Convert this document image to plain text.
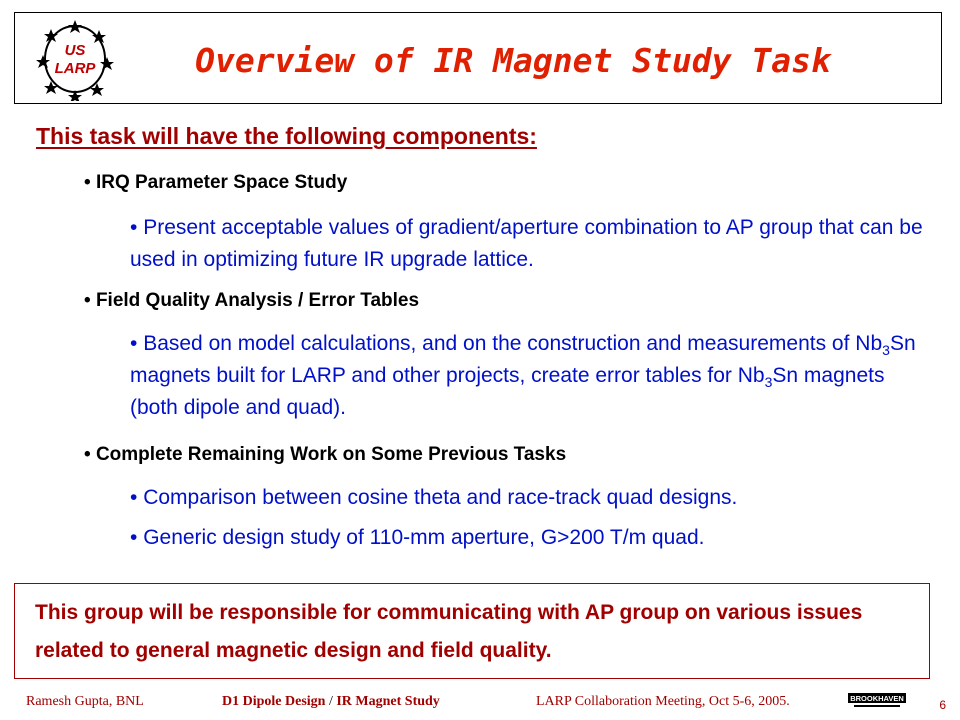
US
LARP	Overview of IR Magnet Study Task
This task will have the following components:
• IRQ Parameter Space Study
• Present acceptable values of gradient/aperture combination to AP group that can be used in optimizing future IR upgrade lattice.
• Field Quality Analysis / Error Tables
• Based on model calculations, and on the construction and measurements of $Nb_3Sn$ magnets built for LARP and other projects, create error tables for $Nb_3Sn$ magnets (both dipole and quad).
• Complete Remaining Work on Some Previous Tasks
• Comparison between cosine theta and race-track quad designs.
• Generic design study of 110-mm aperture, G>200 T/m quad.
This group will be responsible for communicating with AP group on various issues related to general magnetic design and field quality.
Ramesh Gupta, BNL	D1 Dipole Design / IR Magnet Study	LARP Collaboration Meeting, Oct 5-6, 2005.	BROOKHAVEN	6
